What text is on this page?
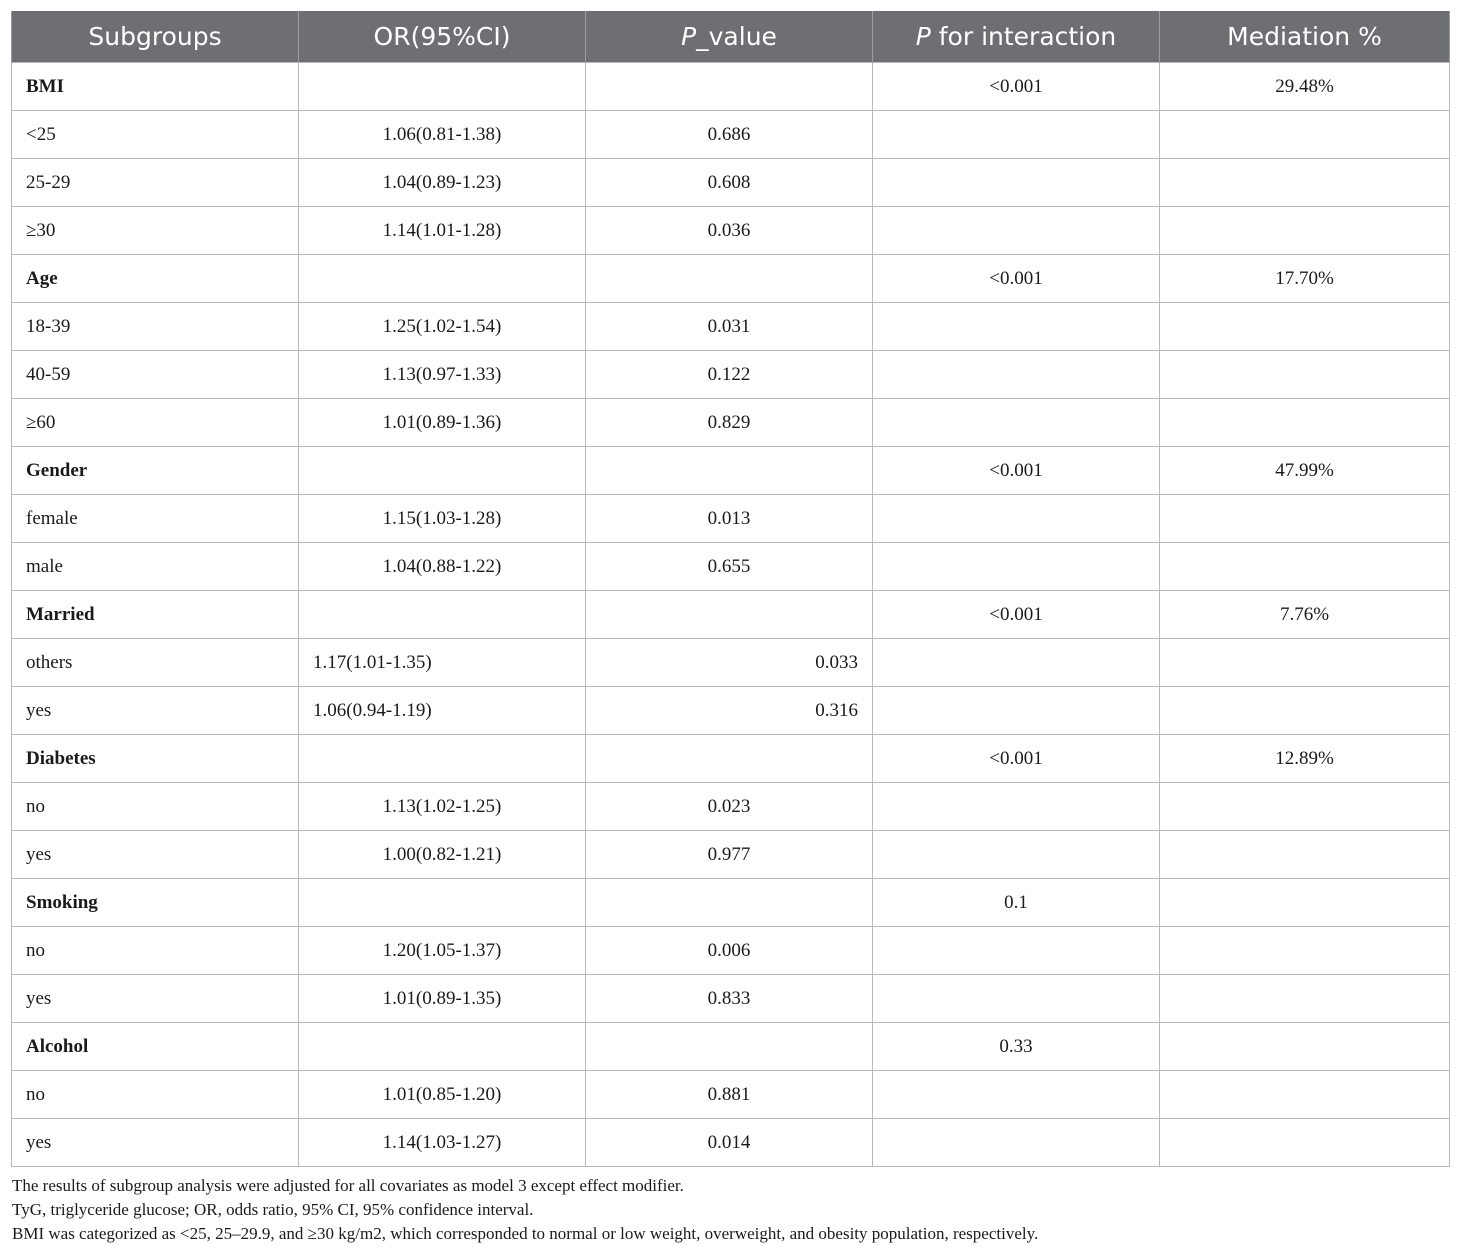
Subgroups	OR(95%CI)	P_value	P for interaction	Mediation %
BMI			<0.001	29.48%
<25	1.06(0.81-1.38)	0.686		
25-29	1.04(0.89-1.23)	0.608		
≥30	1.14(1.01-1.28)	0.036		
Age			<0.001	17.70%
18-39	1.25(1.02-1.54)	0.031		
40-59	1.13(0.97-1.33)	0.122		
≥60	1.01(0.89-1.36)	0.829		
Gender			<0.001	47.99%
female	1.15(1.03-1.28)	0.013		
male	1.04(0.88-1.22)	0.655		
Married			<0.001	7.76%
others	1.17(1.01-1.35)	0.033		
yes	1.06(0.94-1.19)	0.316		
Diabetes			<0.001	12.89%
no	1.13(1.02-1.25)	0.023		
yes	1.00(0.82-1.21)	0.977		
Smoking			0.1	
no	1.20(1.05-1.37)	0.006		
yes	1.01(0.89-1.35)	0.833		
Alcohol			0.33	
no	1.01(0.85-1.20)	0.881		
yes	1.14(1.03-1.27)	0.014		
The results of subgroup analysis were adjusted for all covariates as model 3 except effect modifier.
TyG, triglyceride glucose; OR, odds ratio, 95% CI, 95% confidence interval.
BMI was categorized as <25, 25–29.9, and ≥30 kg/m2, which corresponded to normal or low weight, overweight, and obesity population, respectively.
